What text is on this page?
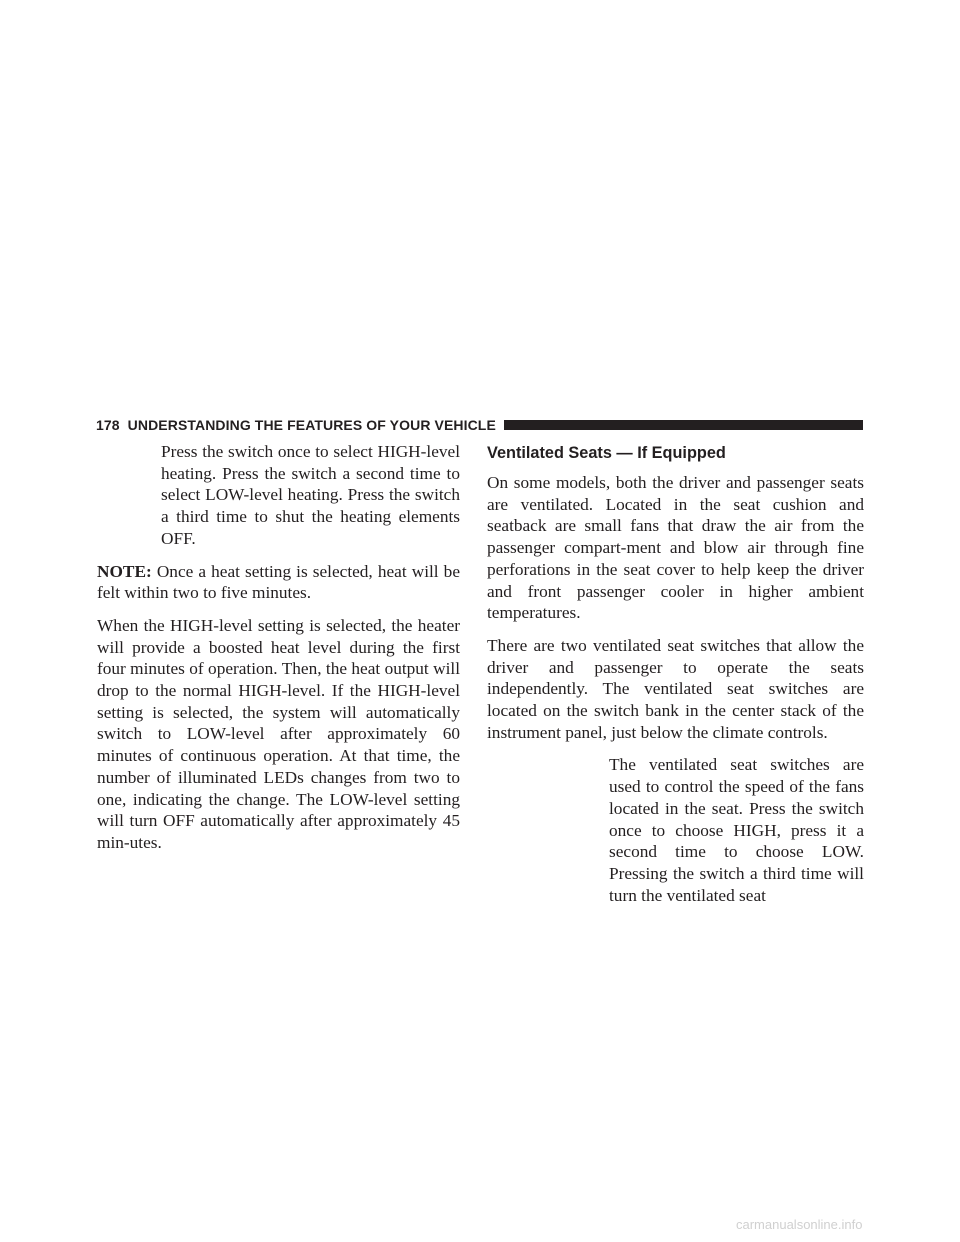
178 UNDERSTANDING THE FEATURES OF YOUR VEHICLE

Press the switch once to select HIGH-level heating. Press the switch a second time to select LOW-level heating. Press the switch a third time to shut the heating elements OFF.

NOTE: Once a heat setting is selected, heat will be felt within two to five minutes.

When the HIGH-level setting is selected, the heater will provide a boosted heat level during the first four minutes of operation. Then, the heat output will drop to the normal HIGH-level. If the HIGH-level setting is selected, the system will automatically switch to LOW-level after approximately 60 minutes of continuous operation. At that time, the number of illuminated LEDs changes from two to one, indicating the change. The LOW-level setting will turn OFF automatically after approximately 45 min-utes.

Ventilated Seats — If Equipped

On some models, both the driver and passenger seats are ventilated. Located in the seat cushion and seatback are small fans that draw the air from the passenger compart-ment and blow air through fine perforations in the seat cover to help keep the driver and front passenger cooler in higher ambient temperatures.

There are two ventilated seat switches that allow the driver and passenger to operate the seats independently. The ventilated seat switches are located on the switch bank in the center stack of the instrument panel, just below the climate controls.

The ventilated seat switches are used to control the speed of the fans located in the seat. Press the switch once to choose HIGH, press it a second time to choose LOW. Pressing the switch a third time will turn the ventilated seat

carmanualsonline.info
